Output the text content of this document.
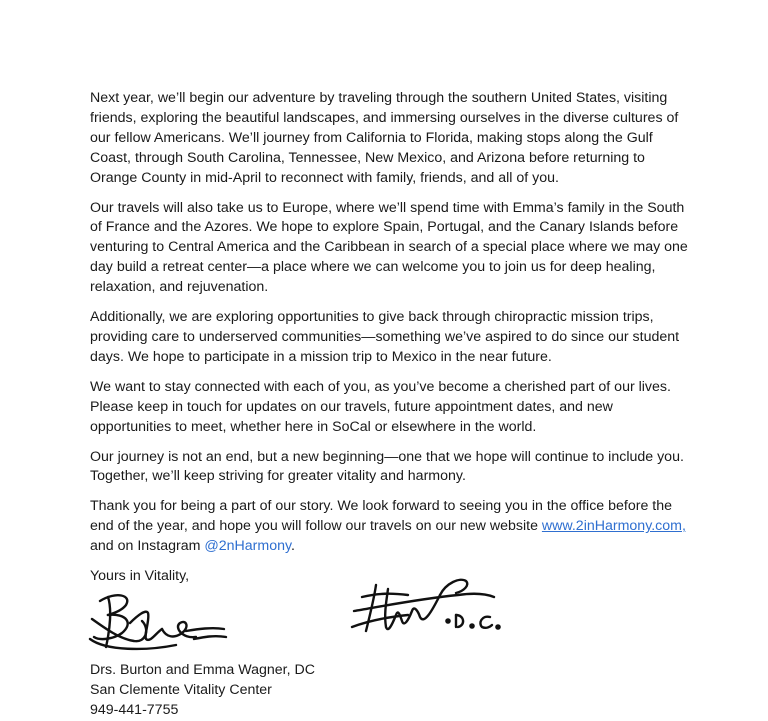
Next year, we’ll begin our adventure by traveling through the southern United States, visiting friends, exploring the beautiful landscapes, and immersing ourselves in the diverse cultures of our fellow Americans. We’ll journey from California to Florida, making stops along the Gulf Coast, through South Carolina, Tennessee, New Mexico, and Arizona before returning to Orange County in mid-April to reconnect with family, friends, and all of you.

Our travels will also take us to Europe, where we’ll spend time with Emma’s family in the South of France and the Azores. We hope to explore Spain, Portugal, and the Canary Islands before venturing to Central America and the Caribbean in search of a special place where we may one day build a retreat center—a place where we can welcome you to join us for deep healing, relaxation, and rejuvenation.

Additionally, we are exploring opportunities to give back through chiropractic mission trips, providing care to underserved communities—something we’ve aspired to do since our student days. We hope to participate in a mission trip to Mexico in the near future.

We want to stay connected with each of you, as you’ve become a cherished part of our lives. Please keep in touch for updates on our travels, future appointment dates, and new opportunities to meet, whether here in SoCal or elsewhere in the world.

Our journey is not an end, but a new beginning—one that we hope will continue to include you. Together, we’ll keep striving for greater vitality and harmony.

Thank you for being a part of our story. We look forward to seeing you in the office before the end of the year, and hope you will follow our travels on our new website www.2inHarmony.com, and on Instagram @2nHarmony.

Yours in Vitality,

Drs. Burton and Emma Wagner, DC

San Clemente Vitality Center

949-441-7755
